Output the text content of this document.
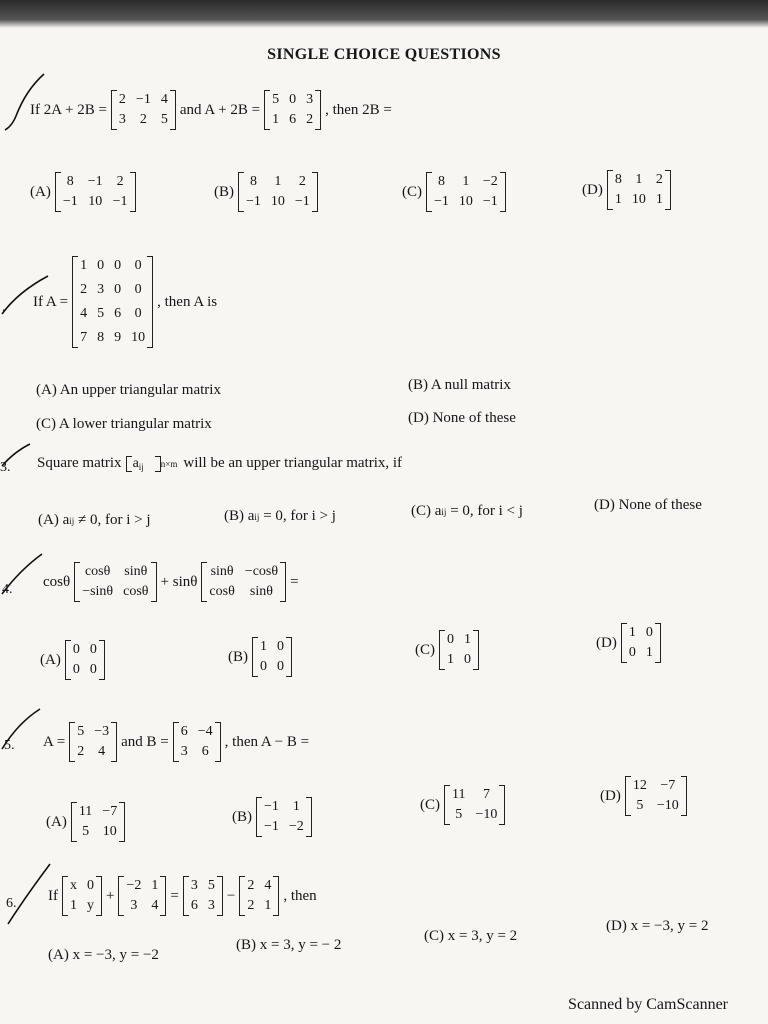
SINGLE CHOICE QUESTIONS
If 2A + 2B =
2 −1 4
3 2 5
and A + 2B =
5 0 3
1 6 2
, then 2B =
(A)
8 −1 2
−1 10 −1
(B)
8 1 2
−1 10 −1
(C)
8 1 −2
−1 10 −1
(D)
8 1 2
1 10 1
. If A =
1 0 0 0
2 3 0 0
4 5 6 0
7 8 9 10
, then A is
(A) An upper triangular matrix	(B) A null matrix
(C) A lower triangular matrix	(D) None of these
3. Square matrix $a_{ij}$ n×m will be an upper triangular matrix, if
(A)
a ij
≠ 0, for i > j	(B)
a ij
= 0, for i > j	(C)
a ij
= 0, for i < j	(D) None of these
4. cosθ
cosθ sinθ
−sinθ cosθ
+ sinθ
sinθ −cosθ
cosθ	sinθ
=
(A)
0 0
0 0
(B)
1 0
0 0
(C)
0 1
1 0
(D)
1 0
0 1
5. A =
5 −3
2 4
and B =
6 −4
3 6
, then A − B =
(A)
11 −7
5 10
(B)
−1 1
−1 −2
(C)
11	7
5 −10
(D)
12 −7
5 −10
6. If
x 0
1 y
+
−2 1
3 4
=
3 5
6 3
−
2 4
2 1
, then
(A) x = −3, y = −2
(B) x = 3, y = − 2
(C) x = 3, y = 2
(D) x = −3, y = 2
Scanned by CamScanner
